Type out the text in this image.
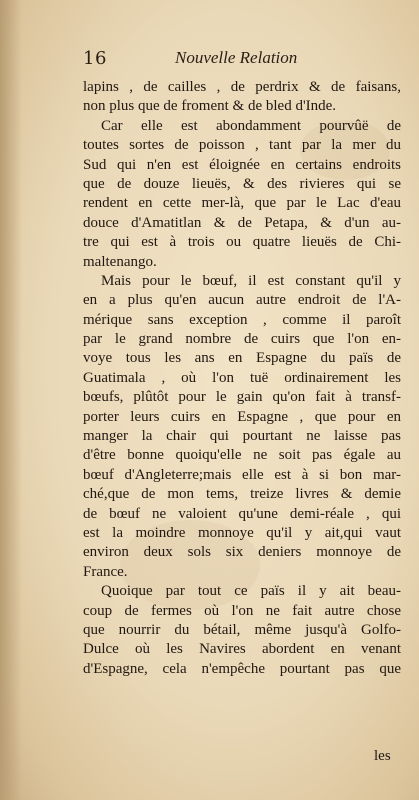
16	Nouvelle Relation
lapins , de cailles , de perdrix & de faisans,
non plus que de froment & de bled d'Inde.
Car elle est abondamment pourvûë de
toutes sortes de poisson , tant par la mer du
Sud qui n'en est éloignée en certains endroits
que de douze lieuës, & des rivieres qui se
rendent en cette mer-là, que par le Lac d'eau
douce d'Amatitlan & de Petapa, & d'un au-
tre qui est à trois ou quatre lieuës de Chi-
maltenango.
Mais pour le bœuf, il est constant qu'il y
en a plus qu'en aucun autre endroit de l'A-
mérique sans exception , comme il paroît
par le grand nombre de cuirs que l'on en-
voye tous les ans en Espagne du païs de
Guatimala , où l'on tuë ordinairement les
bœufs, plûtôt pour le gain qu'on fait à transf-
porter leurs cuirs en Espagne , que pour en
manger la chair qui pourtant ne laisse pas
d'être bonne quoiqu'elle ne soit pas égale au
bœuf d'Angleterre;mais elle est à si bon mar-
ché,que de mon tems, treize livres & demie
de bœuf ne valoient qu'une demi-réale , qui
est la moindre monnoye qu'il y ait,qui vaut
environ deux sols six deniers monnoye de
France.
Quoique par tout ce païs il y ait beau-
coup de fermes où l'on ne fait autre chose
que nourrir du bétail, même jusqu'à Golfo-
Dulce où les Navires abordent en venant
d'Espagne, cela n'empêche pourtant pas que
les
